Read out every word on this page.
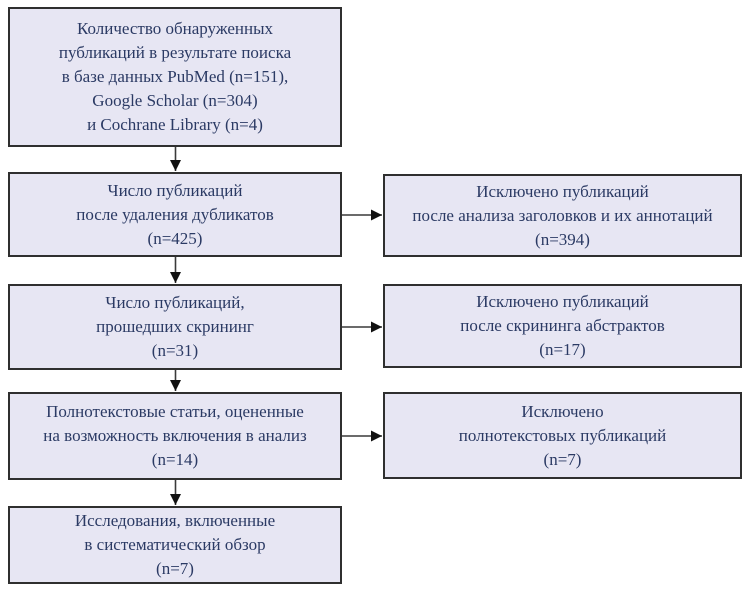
Количество обнаруженных
публикаций в результате поиска
в базе данных PubMed (n=151),
Google Scholar (n=304)
и Cochrane Library (n=4)
Число публикаций
после удаления дубликатов
(n=425)
Число публикаций,
прошедших скрининг
(n=31)
Полнотекстовые статьи, оцененные
на возможность включения в анализ
(n=14)
Исследования, включенные
в систематический обзор
(n=7)
Исключено публикаций
после анализа заголовков и их аннотаций
(n=394)
Исключено публикаций
после скрининга абстрактов
(n=17)
Исключено
полнотекстовых публикаций
(n=7)
